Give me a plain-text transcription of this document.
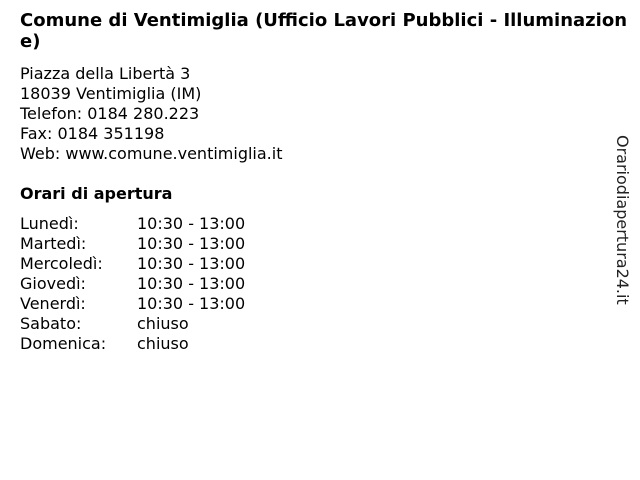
Comune di Ventimiglia (Ufficio Lavori Pubblici - Illuminazione)
Piazza della Libertà 3
18039 Ventimiglia (IM)
Telefon: 0184 280.223
Fax: 0184 351198
Web: www.comune.ventimiglia.it
Orari di apertura
Lunedì:	10:30 - 13:00
Martedì:	10:30 - 13:00
Mercoledì:	10:30 - 13:00
Giovedì:	10:30 - 13:00
Venerdì:	10:30 - 13:00
Sabato:	chiuso
Domenica:	chiuso
Orariodiapertura24.it
